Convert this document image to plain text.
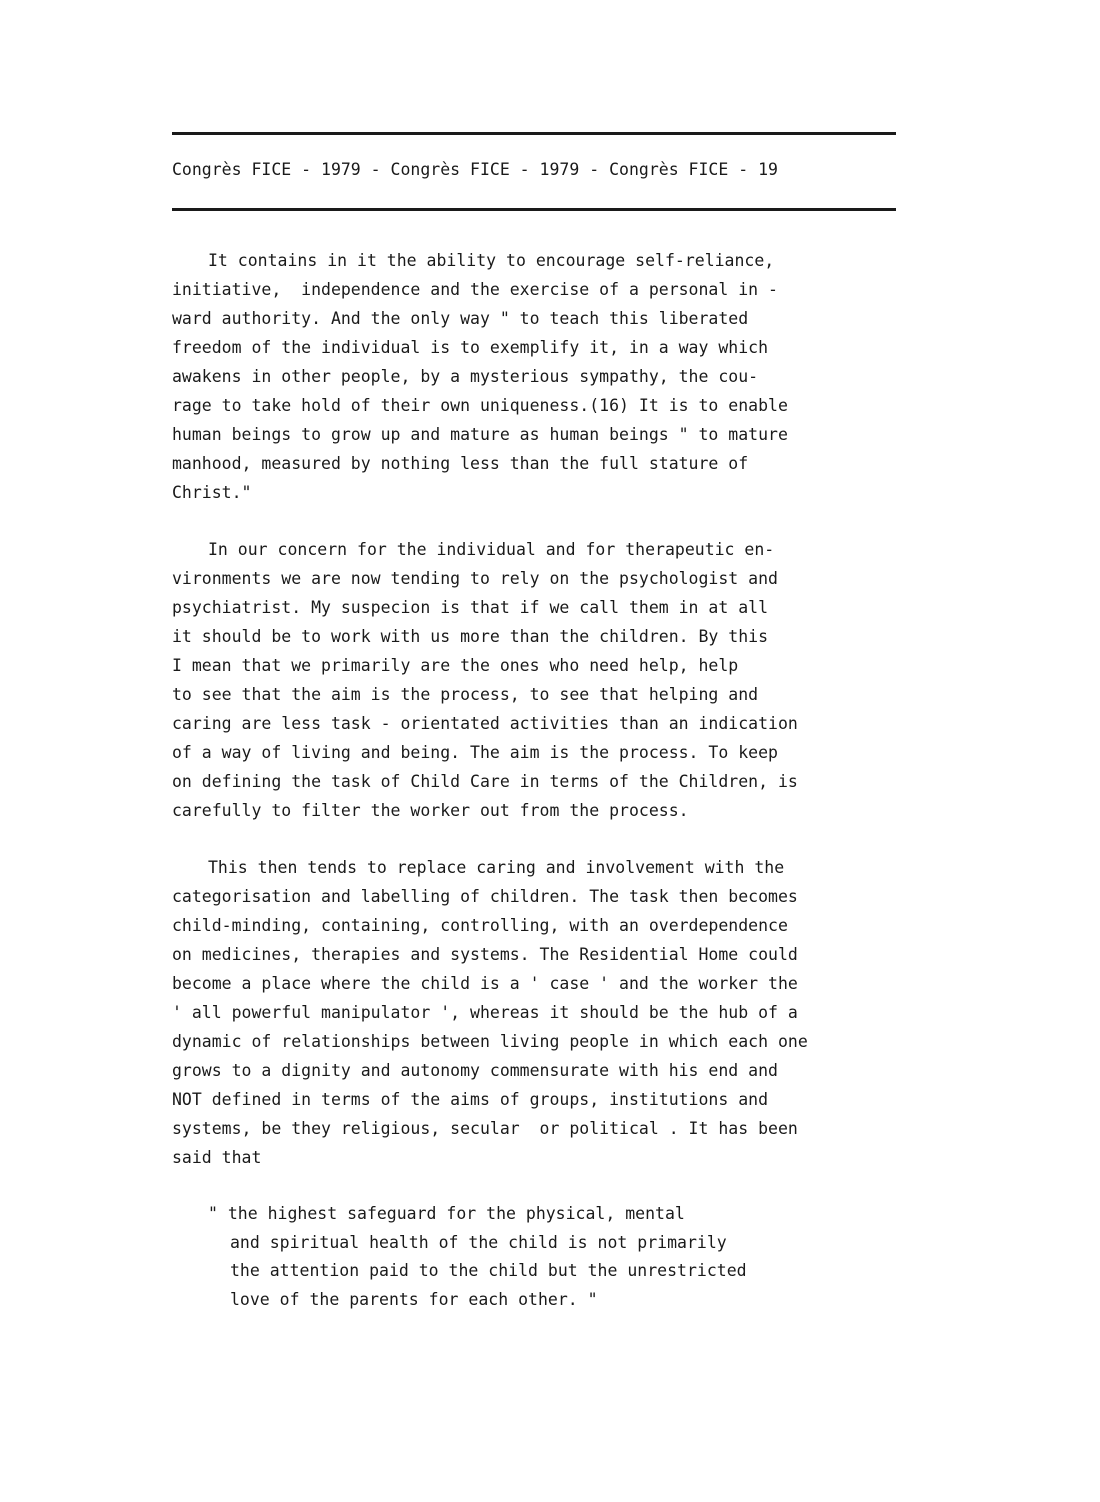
Congrès FICE - 1979 - Congrès FICE - 1979 - Congrès FICE - 19
It contains in it the ability to encourage self-reliance,
initiative,  independence and the exercise of a personal in -
ward authority. And the only way " to teach this liberated
freedom of the individual is to exemplify it, in a way which
awakens in other people, by a mysterious sympathy, the cou-
rage to take hold of their own uniqueness.(16) It is to enable
human beings to grow up and mature as human beings " to mature
manhood, measured by nothing less than the full stature of
Christ."
In our concern for the individual and for therapeutic en-
vironments we are now tending to rely on the psychologist and
psychiatrist. My suspecion is that if we call them in at all
it should be to work with us more than the children. By this
I mean that we primarily are the ones who need help, help
to see that the aim is the process, to see that helping and
caring are less task - orientated activities than an indication
of a way of living and being. The aim is the process. To keep
on defining the task of Child Care in terms of the Children, is
carefully to filter the worker out from the process.
This then tends to replace caring and involvement with the
categorisation and labelling of children. The task then becomes
child-minding, containing, controlling, with an overdependence
on medicines, therapies and systems. The Residential Home could
become a place where the child is a ' case ' and the worker the
' all powerful manipulator ', whereas it should be the hub of a
dynamic of relationships between living people in which each one
grows to a dignity and autonomy commensurate with his end and
NOT defined in terms of the aims of groups, institutions and
systems, be they religious, secular  or political . It has been
said that
" the highest safeguard for the physical, mental
and spiritual health of the child is not primarily
the attention paid to the child but the unrestricted
love of the parents for each other. "
